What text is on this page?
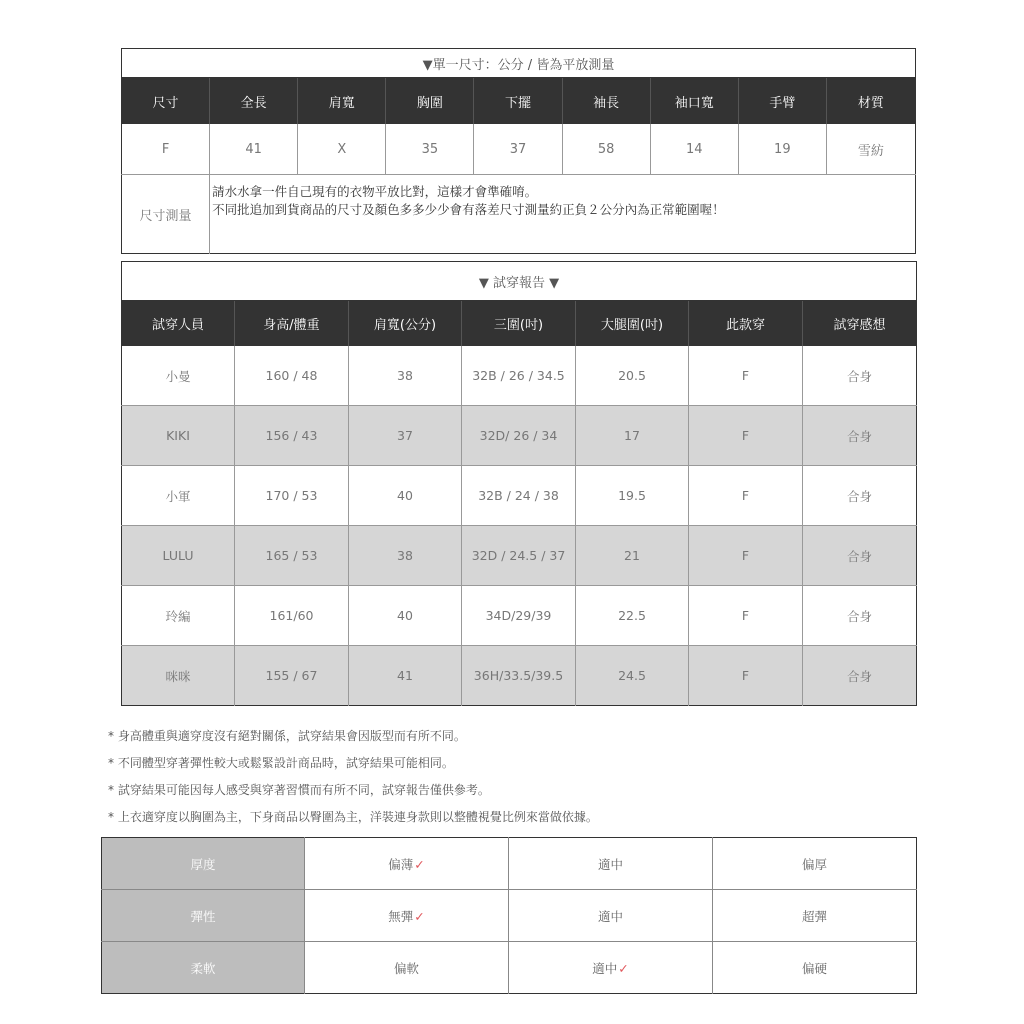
▼單一尺寸：公分 / 皆為平放測量								
尺寸	全長	肩寬	胸圍	下擺	袖長	袖口寬	手臂	材質
F	41	X	35	37	58	14	19	雪紡
尺寸測量	請水水拿一件自己現有的衣物平放比對，這樣才會準確唷。
不同批追加到貨商品的尺寸及顏色多多少少會有落差尺寸測量約正負２公分內為正常範圍喔！							
▼ 試穿報告 ▼						
試穿人員	身高/體重	肩寬(公分)	三圍(吋)	大腿圍(吋)	此款穿	試穿感想
小曼	160 / 48	38	32B / 26 / 34.5	20.5	F	合身
KIKI	156 / 43	37	32D/ 26 / 34	17	F	合身
小軍	170 / 53	40	32B / 24 / 38	19.5	F	合身
LULU	165 / 53	38	32D / 24.5 / 37	21	F	合身
玲編	161/60	40	34D/29/39	22.5	F	合身
咪咪	155 / 67	41	36H/33.5/39.5	24.5	F	合身
* 身高體重與適穿度沒有絕對關係，試穿結果會因版型而有所不同。
* 不同體型穿著彈性較大或鬆緊設計商品時，試穿結果可能相同。
* 試穿結果可能因每人感受與穿著習慣而有所不同，試穿報告僅供參考。
* 上衣適穿度以胸圍為主，下身商品以臀圍為主，洋裝連身款則以整體視覺比例來當做依據。
厚度	偏薄✓	適中	偏厚
彈性	無彈✓	適中	超彈
柔軟	偏軟	適中✓	偏硬
